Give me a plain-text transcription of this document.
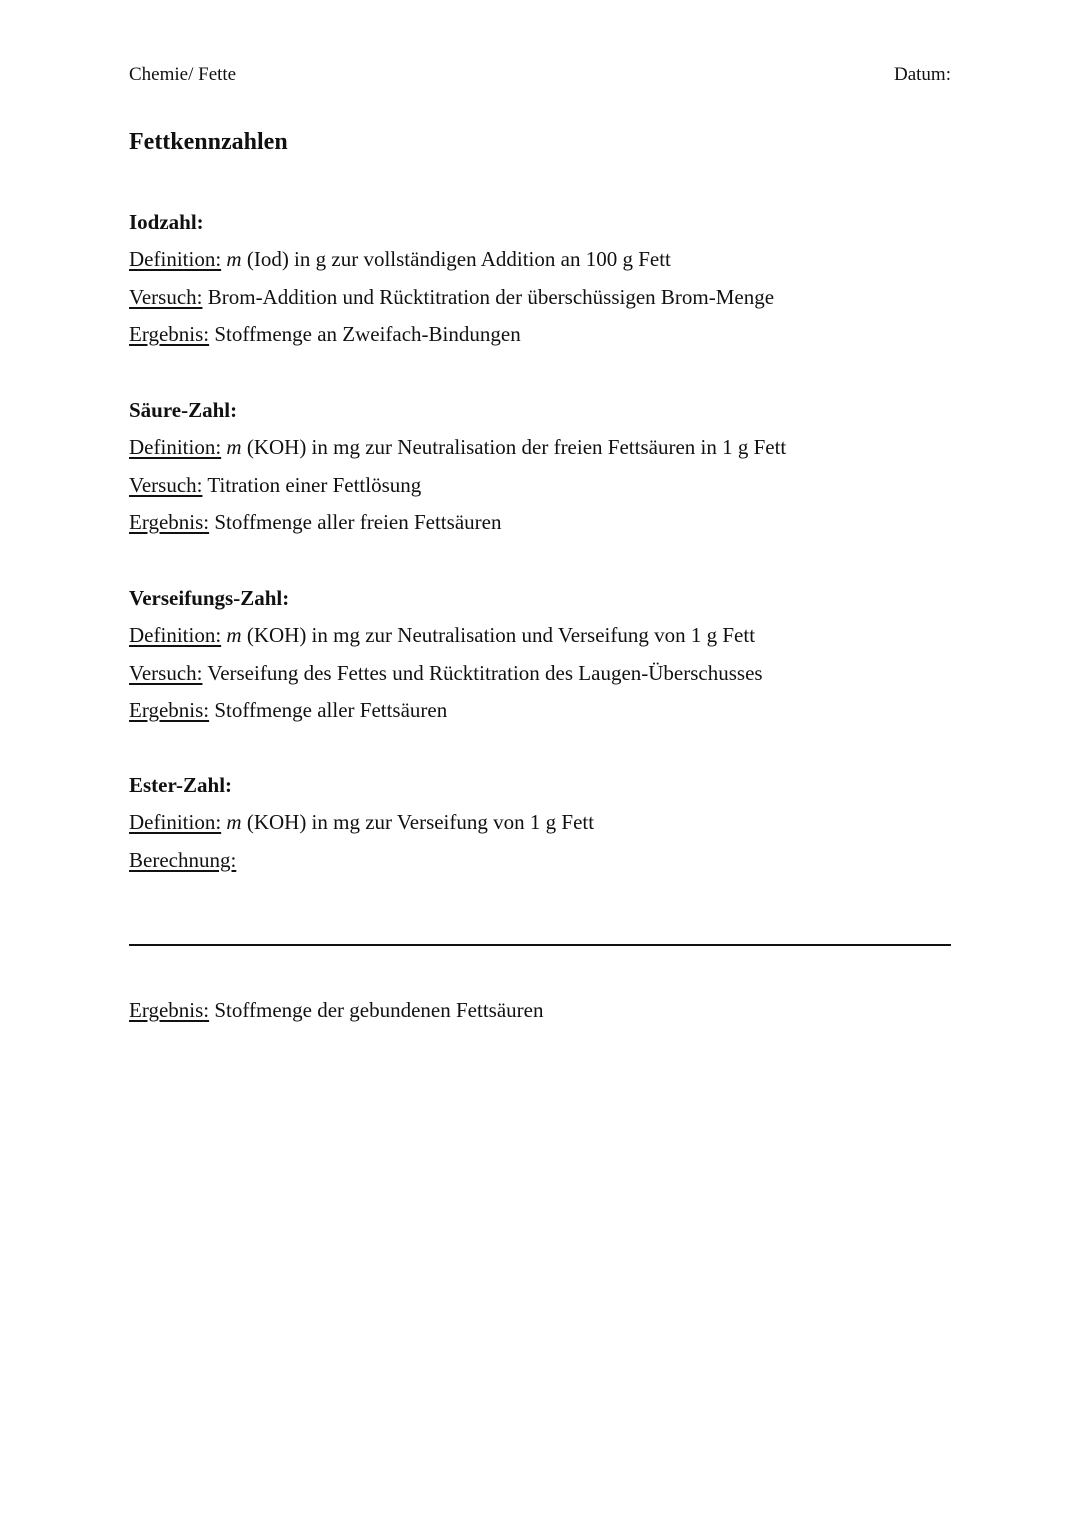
Chemie/ Fette	Datum:
Fettkennzahlen
Iodzahl:
Definition: m (Iod) in g zur vollständigen Addition an 100 g Fett
Versuch: Brom-Addition und Rücktitration der überschüssigen Brom-Menge
Ergebnis: Stoffmenge an Zweifach-Bindungen
Säure-Zahl:
Definition: m (KOH) in mg zur Neutralisation der freien Fettsäuren in 1 g Fett
Versuch: Titration einer Fettlösung
Ergebnis: Stoffmenge aller freien Fettsäuren
Verseifungs-Zahl:
Definition: m (KOH) in mg zur Neutralisation und Verseifung von 1 g Fett
Versuch: Verseifung des Fettes und Rücktitration des Laugen-Überschusses
Ergebnis: Stoffmenge aller Fettsäuren
Ester-Zahl:
Definition: m (KOH) in mg zur Verseifung von 1 g Fett
Berechnung:
Ergebnis: Stoffmenge der gebundenen Fettsäuren
